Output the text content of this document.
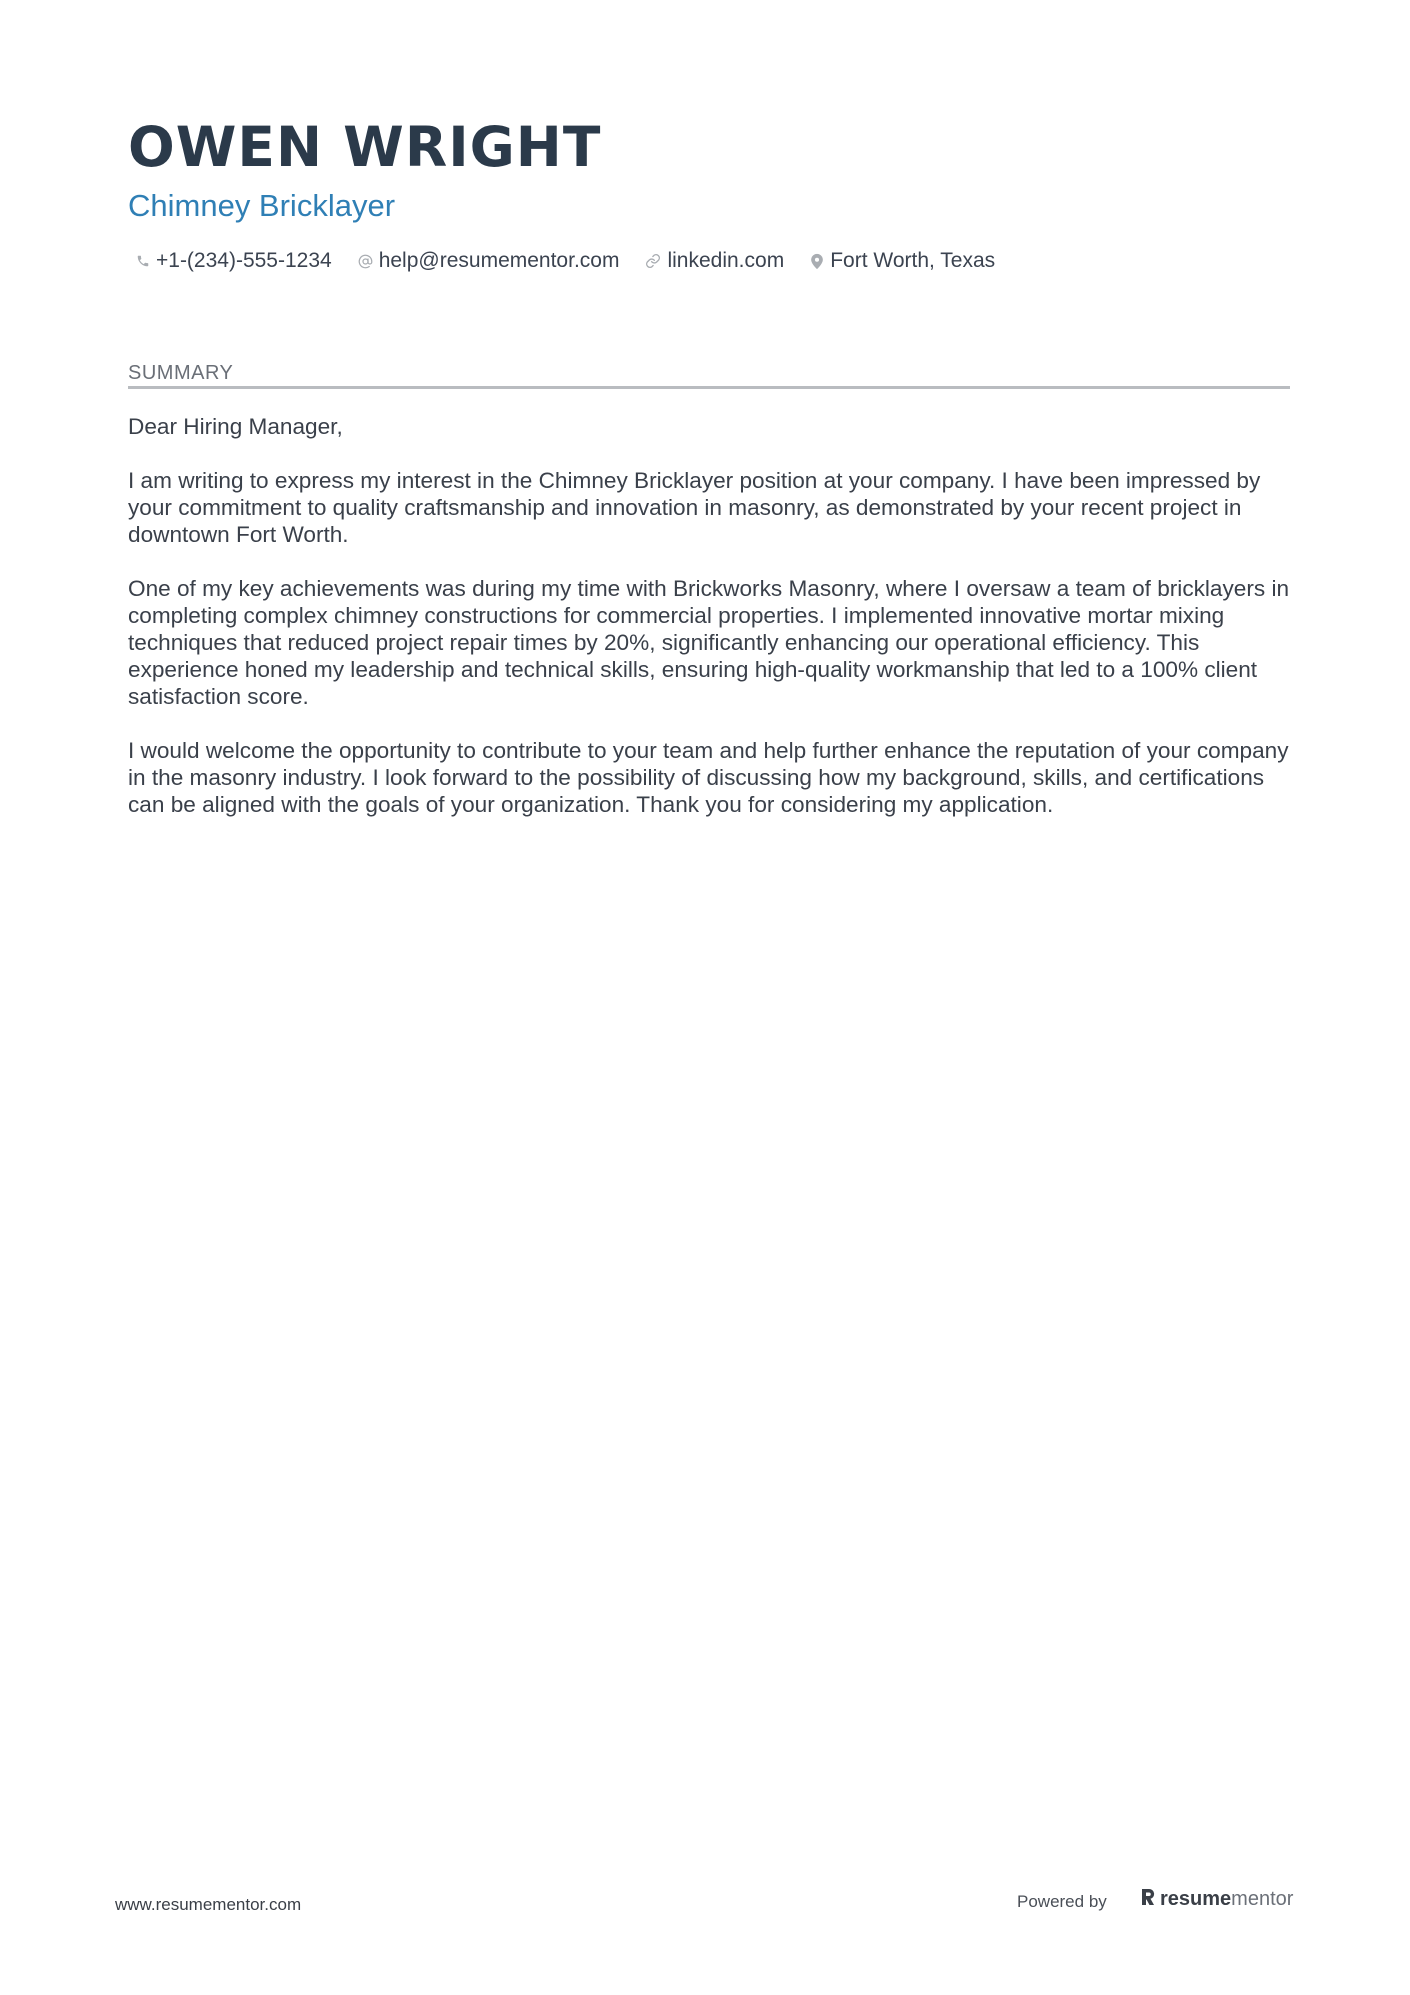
OWEN WRIGHT
Chimney Bricklayer
+1-(234)-555-1234 help@resumementor.com linkedin.com Fort Worth, Texas
SUMMARY

Dear Hiring Manager,

I am writing to express my interest in the Chimney Bricklayer position at your company. I have been impressed by your commitment to quality craftsmanship and innovation in masonry, as demonstrated by your recent project in downtown Fort Worth.

One of my key achievements was during my time with Brickworks Masonry, where I oversaw a team of bricklayers in completing complex chimney constructions for commercial properties. I implemented innovative mortar mixing techniques that reduced project repair times by 20%, significantly enhancing our operational efficiency. This experience honed my leadership and technical skills, ensuring high-quality workmanship that led to a 100% client satisfaction score.

I would welcome the opportunity to contribute to your team and help further enhance the reputation of your company in the masonry industry. I look forward to the possibility of discussing how my background, skills, and certifications can be aligned with the goals of your organization. Thank you for considering my application.

www.resumementor.com	Powered by	resumementor
